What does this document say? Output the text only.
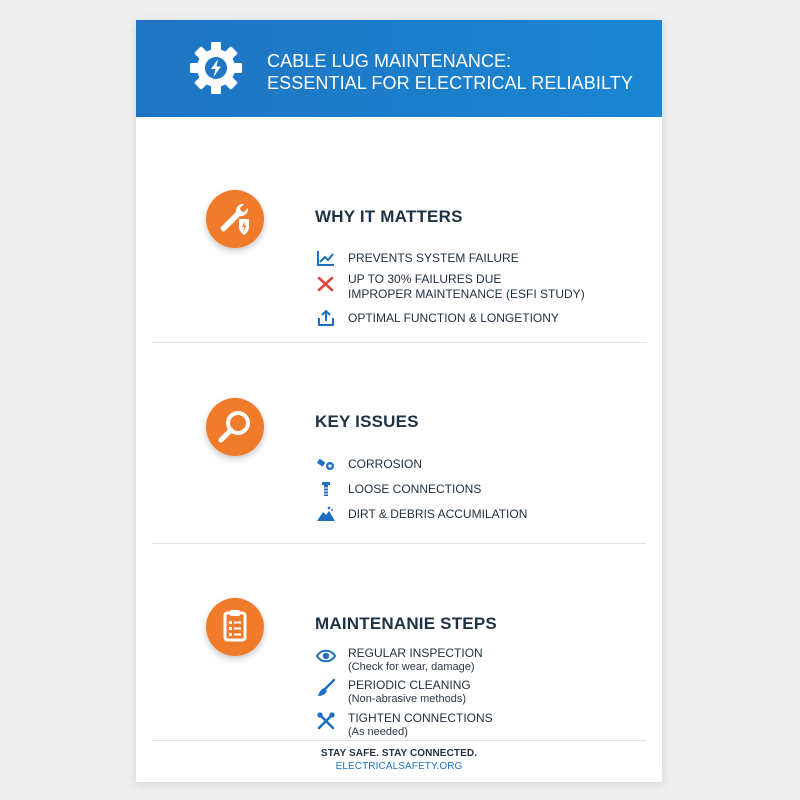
CABLE LUG MAINTENANCE:
ESSENTIAL FOR ELECTRICAL RELIABILTY
WHY IT MATTERS
PREVENTS SYSTEM FAILURE
UP TO 30% FAILURES DUE
IMPROPER MAINTENANCE (ESFI STUDY)
OPTIMAL FUNCTION & LONGETIONY
KEY ISSUES
CORROSION
LOOSE CONNECTIONS
DIRT & DEBRIS ACCUMILATION
MAINTENANIE STEPS
REGULAR INSPECTION
(Check for wear, damage)
PERIODIC CLEANING
(Non-abrasive methods)
TIGHTEN CONNECTIONS
(As needed)
STAY SAFE. STAY CONNECTED.
ELECTRICALSAFETY.ORG
